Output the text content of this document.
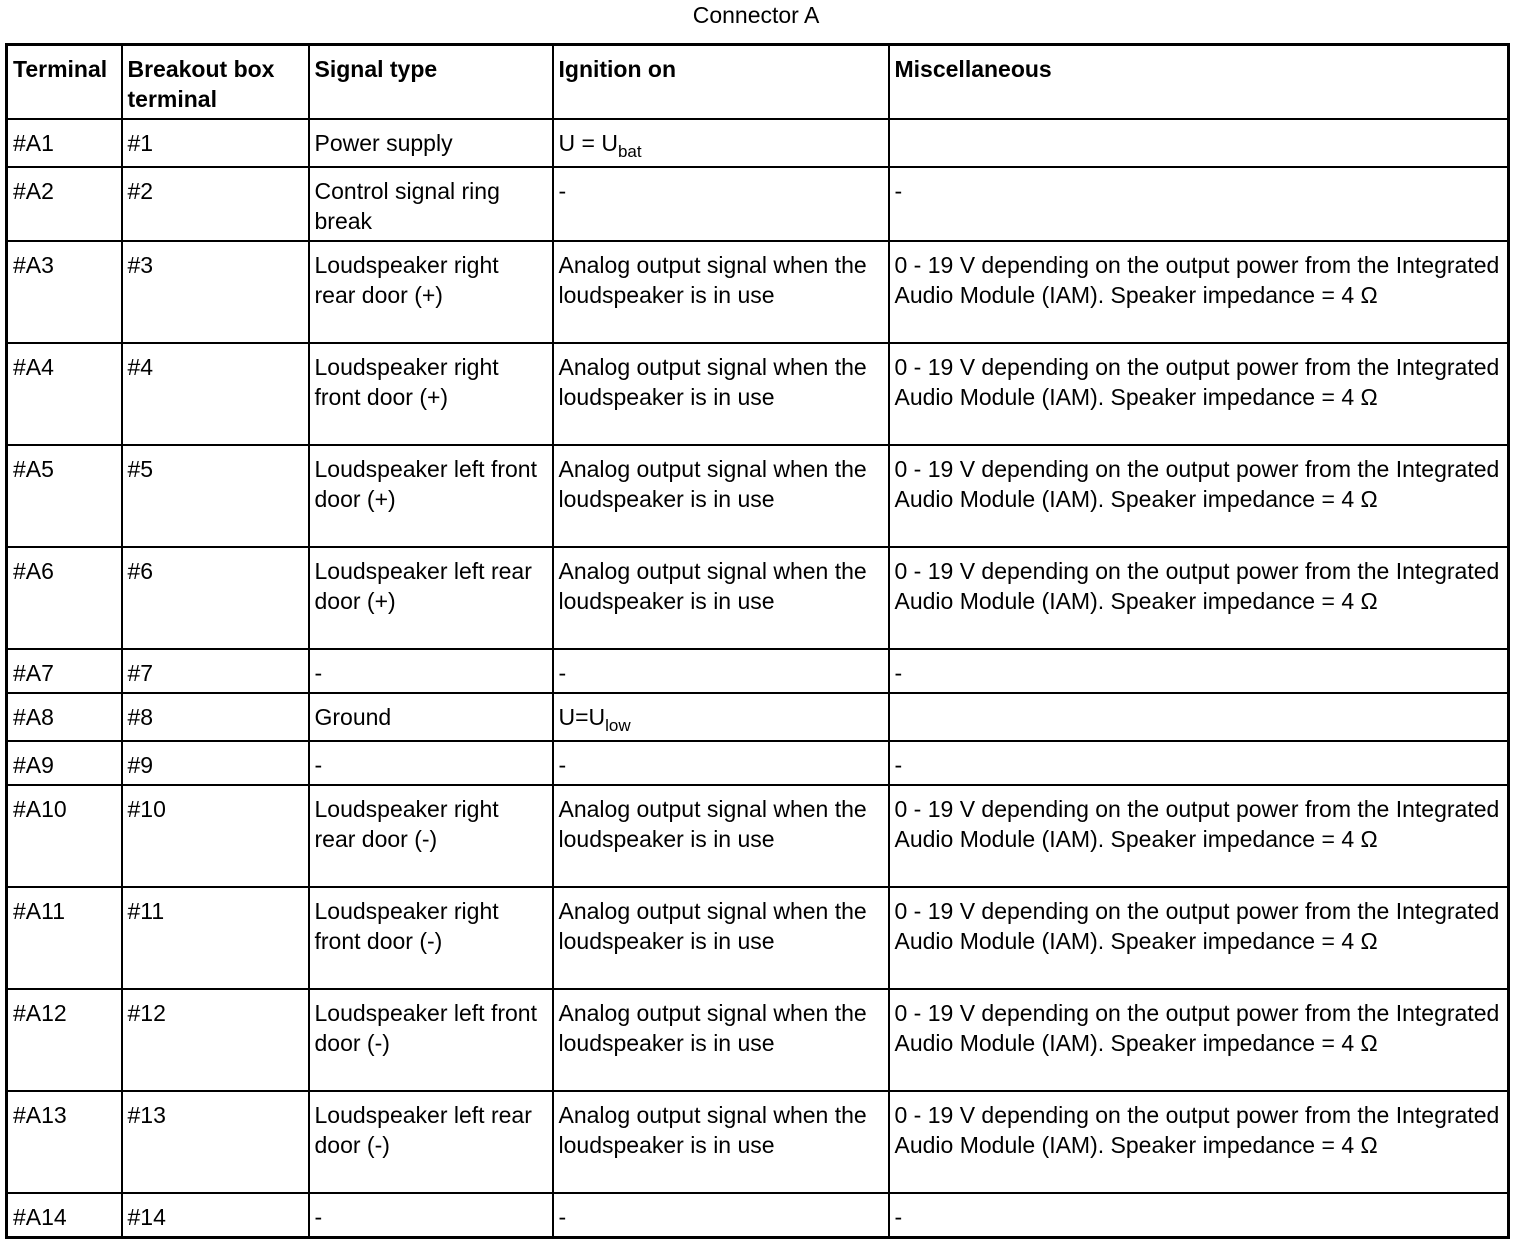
Connector A
Terminal	Breakout box terminal	Signal type	Ignition on	Miscellaneous
#A1	#1	Power supply	$U = U_{bat}$	
#A2	#2	Control signal ring break	-	-
#A3	#3	Loudspeaker right rear door (+)	Analog output signal when the loudspeaker is in use	0 - 19 V depending on the output power from the Integrated Audio Module (IAM). Speaker impedance = 4 Ω
#A4	#4	Loudspeaker right front door (+)	Analog output signal when the loudspeaker is in use	0 - 19 V depending on the output power from the Integrated Audio Module (IAM). Speaker impedance = 4 Ω
#A5	#5	Loudspeaker left front door (+)	Analog output signal when the loudspeaker is in use	0 - 19 V depending on the output power from the Integrated Audio Module (IAM). Speaker impedance = 4 Ω
#A6	#6	Loudspeaker left rear door (+)	Analog output signal when the loudspeaker is in use	0 - 19 V depending on the output power from the Integrated Audio Module (IAM). Speaker impedance = 4 Ω
#A7	#7	-	-	-
#A8	#8	Ground	$U=U_{low}$	
#A9	#9	-	-	-
#A10	#10	Loudspeaker right rear door (-)	Analog output signal when the loudspeaker is in use	0 - 19 V depending on the output power from the Integrated Audio Module (IAM). Speaker impedance = 4 Ω
#A11	#11	Loudspeaker right front door (-)	Analog output signal when the loudspeaker is in use	0 - 19 V depending on the output power from the Integrated Audio Module (IAM). Speaker impedance = 4 Ω
#A12	#12	Loudspeaker left front door (-)	Analog output signal when the loudspeaker is in use	0 - 19 V depending on the output power from the Integrated Audio Module (IAM). Speaker impedance = 4 Ω
#A13	#13	Loudspeaker left rear door (-)	Analog output signal when the loudspeaker is in use	0 - 19 V depending on the output power from the Integrated Audio Module (IAM). Speaker impedance = 4 Ω
#A14	#14	-	-	-
